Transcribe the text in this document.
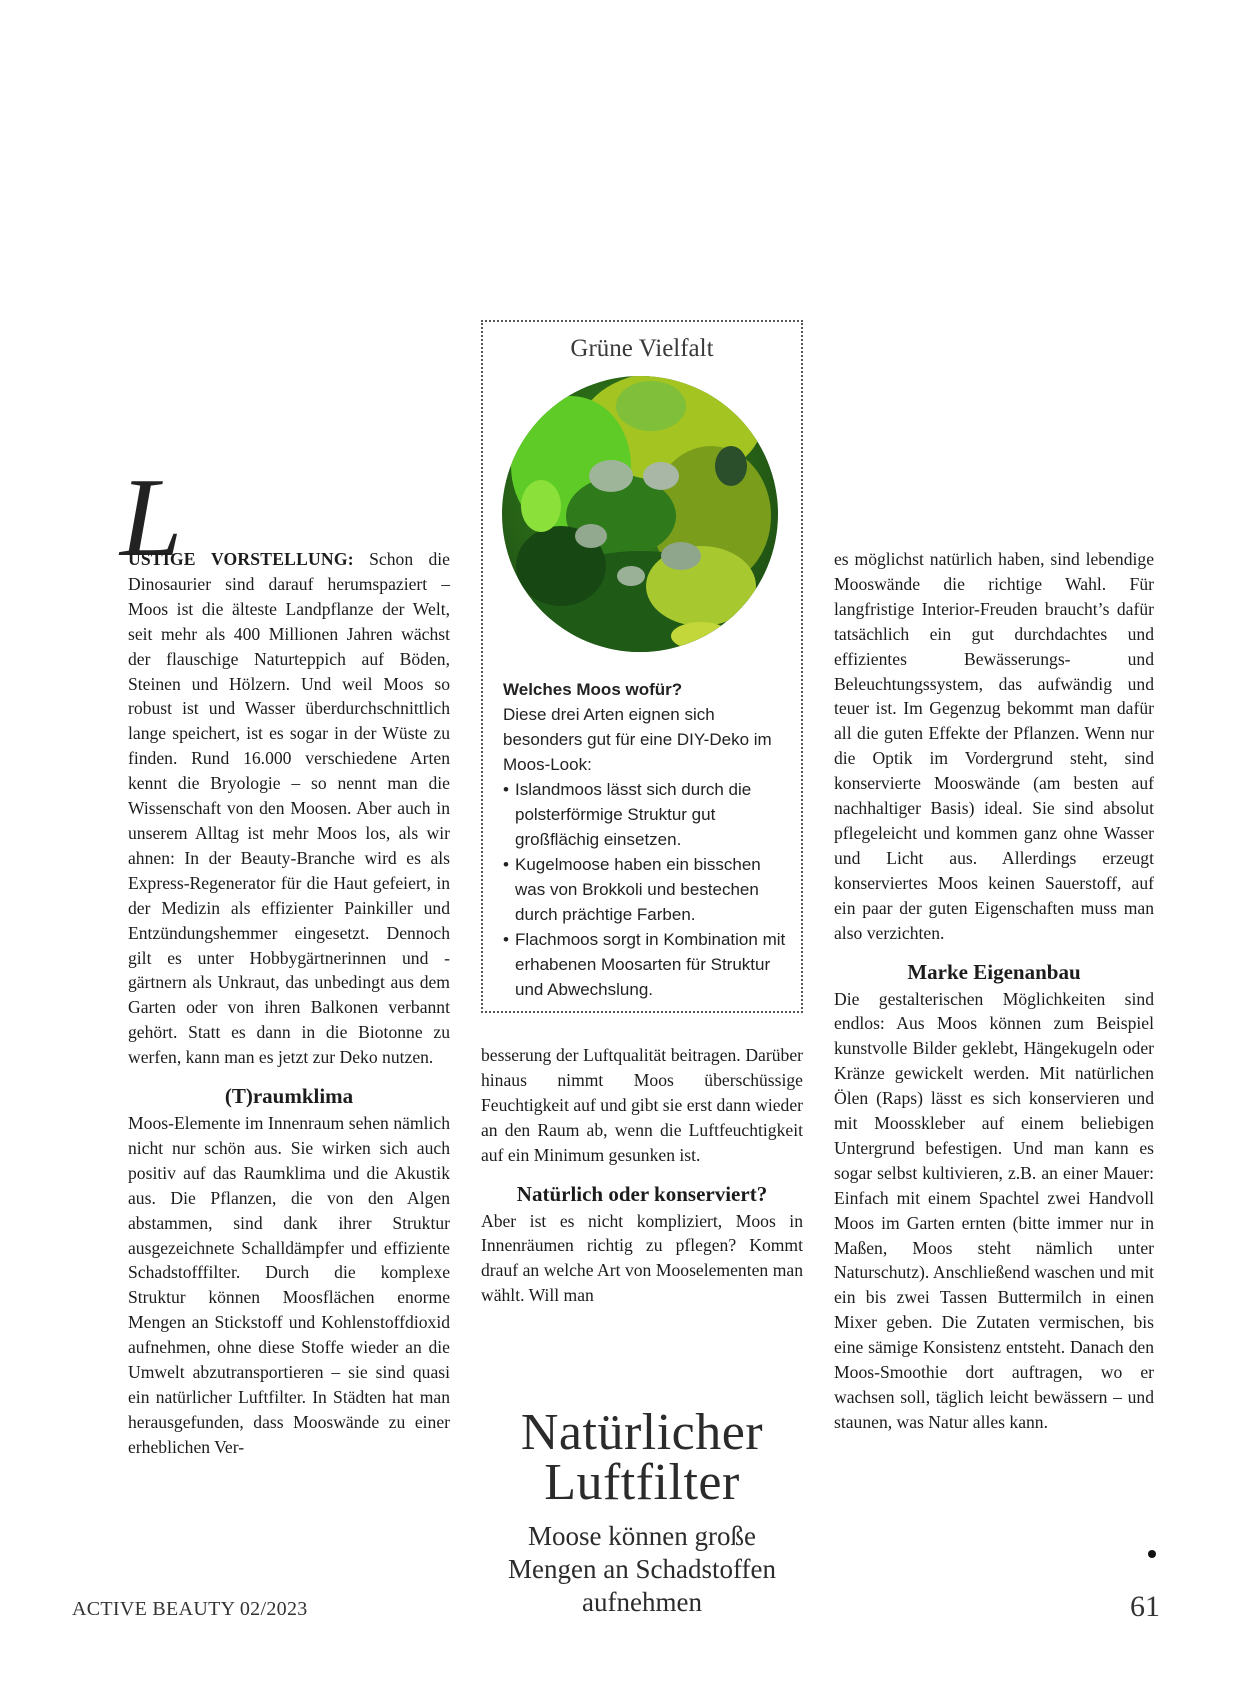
L

USTIGE VORSTELLUNG: Schon die Dinosaurier sind darauf herumspaziert – Moos ist die älteste Landpflanze der Welt, seit mehr als 400 Millionen Jahren wächst der flauschige Naturteppich auf Böden, Steinen und Hölzern. Und weil Moos so robust ist und Wasser überdurchschnittlich lange speichert, ist es sogar in der Wüste zu finden. Rund 16.000 verschiedene Arten kennt die Bryologie – so nennt man die Wissenschaft von den Moosen. Aber auch in unserem Alltag ist mehr Moos los, als wir ahnen: In der Beauty-Branche wird es als Express-Regenerator für die Haut gefeiert, in der Medizin als effizienter Painkiller und Entzündungshemmer eingesetzt. Dennoch gilt es unter Hobbygärtnerinnen und -gärtnern als Unkraut, das unbedingt aus dem Garten oder von ihren Balkonen verbannt gehört. Statt es dann in die Biotonne zu werfen, kann man es jetzt zur Deko nutzen.

(T)raumklima

Moos-Elemente im Innenraum sehen nämlich nicht nur schön aus. Sie wirken sich auch positiv auf das Raumklima und die Akustik aus. Die Pflanzen, die von den Algen abstammen, sind dank ihrer Struktur ausgezeichnete Schalldämpfer und effiziente Schadstofffilter. Durch die komplexe Struktur können Moosflächen enorme Mengen an Stickstoff und Kohlenstoffdioxid aufnehmen, ohne diese Stoffe wieder an die Umwelt abzutransportieren – sie sind quasi ein natürlicher Luftfilter. In Städten hat man herausgefunden, dass Mooswände zu einer erheblichen Ver-

Grüne Vielfalt
Welches Moos wofür?
Diese drei Arten eignen sich besonders gut für eine DIY-Deko im Moos-Look:
• Islandmoos lässt sich durch die polsterförmige Struktur gut großflächig einsetzen.
• Kugelmoose haben ein bisschen was von Brokkoli und bestechen durch prächtige Farben.
• Flachmoos sorgt in Kombination mit erhabenen Moosarten für Struktur und Abwechslung.

besserung der Luftqualität beitragen. Darüber hinaus nimmt Moos überschüssige Feuchtigkeit auf und gibt sie erst dann wieder an den Raum ab, wenn die Luftfeuchtigkeit auf ein Minimum gesunken ist.

Natürlich oder konserviert?

Aber ist es nicht kompliziert, Moos in Innenräumen richtig zu pflegen? Kommt drauf an welche Art von Mooselementen man wählt. Will man

Natürlicher
Luftfilter
Moose können große Mengen an Schadstoffen aufnehmen

es möglichst natürlich haben, sind lebendige Mooswände die richtige Wahl. Für langfristige Interior-Freuden braucht’s dafür tatsächlich ein gut durchdachtes und effizientes Bewässerungs- und Beleuchtungssystem, das aufwändig und teuer ist. Im Gegenzug bekommt man dafür all die guten Effekte der Pflanzen. Wenn nur die Optik im Vordergrund steht, sind konservierte Mooswände (am besten auf nachhaltiger Basis) ideal. Sie sind absolut pflegeleicht und kommen ganz ohne Wasser und Licht aus. Allerdings erzeugt konserviertes Moos keinen Sauerstoff, auf ein paar der guten Eigenschaften muss man also verzichten.

Marke Eigenanbau

Die gestalterischen Möglichkeiten sind endlos: Aus Moos können zum Beispiel kunstvolle Bilder geklebt, Hängekugeln oder Kränze gewickelt werden. Mit natürlichen Ölen (Raps) lässt es sich konservieren und mit Moosskleber auf einem beliebigen Untergrund befestigen. Und man kann es sogar selbst kultivieren, z.B. an einer Mauer: Einfach mit einem Spachtel zwei Handvoll Moos im Garten ernten (bitte immer nur in Maßen, Moos steht nämlich unter Naturschutz). Anschließend waschen und mit ein bis zwei Tassen Buttermilch in einen Mixer geben. Die Zutaten vermischen, bis eine sämige Konsistenz entsteht. Danach den Moos-Smoothie dort auftragen, wo er wachsen soll, täglich leicht bewässern – und staunen, was Natur alles kann.

ACTIVE BEAUTY 02/2023	61
